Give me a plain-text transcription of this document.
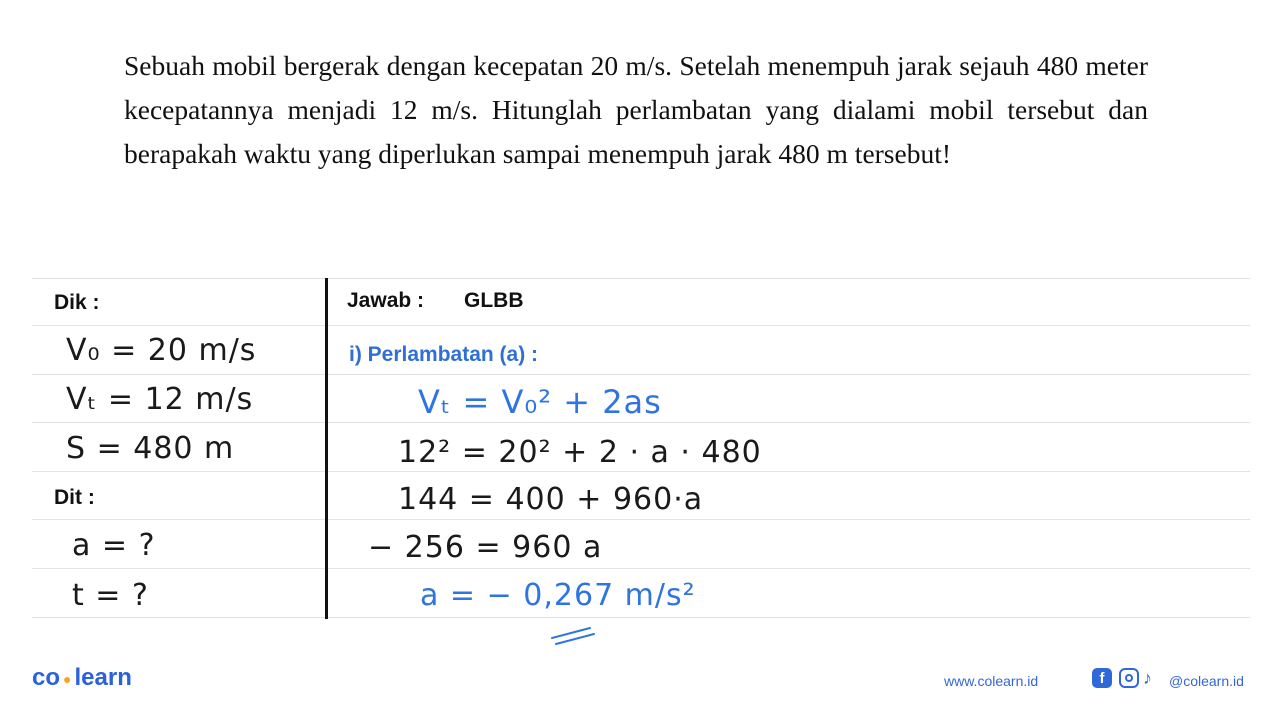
Sebuah mobil bergerak dengan kecepatan 20 m/s. Setelah menempuh jarak sejauh 480 meter kecepatannya menjadi 12 m/s. Hitunglah perlambatan yang dialami mobil tersebut dan berapakah waktu yang diperlukan sampai menempuh jarak 480 m tersebut!
Dik :
V₀ = 20 m/s
Vₜ = 12 m/s
S = 480 m
Dit :
a = ?
t = ?
Jawab : GLBB
i) Perlambatan (a) :
Vₜ = V₀² + 2as
12² = 20² + 2 · a · 480
144 = 400 + 960·a
− 256 = 960 a
a = − 0,267 m/s²
co ● learn	www.colearn.id	f	♪	@colearn.id
